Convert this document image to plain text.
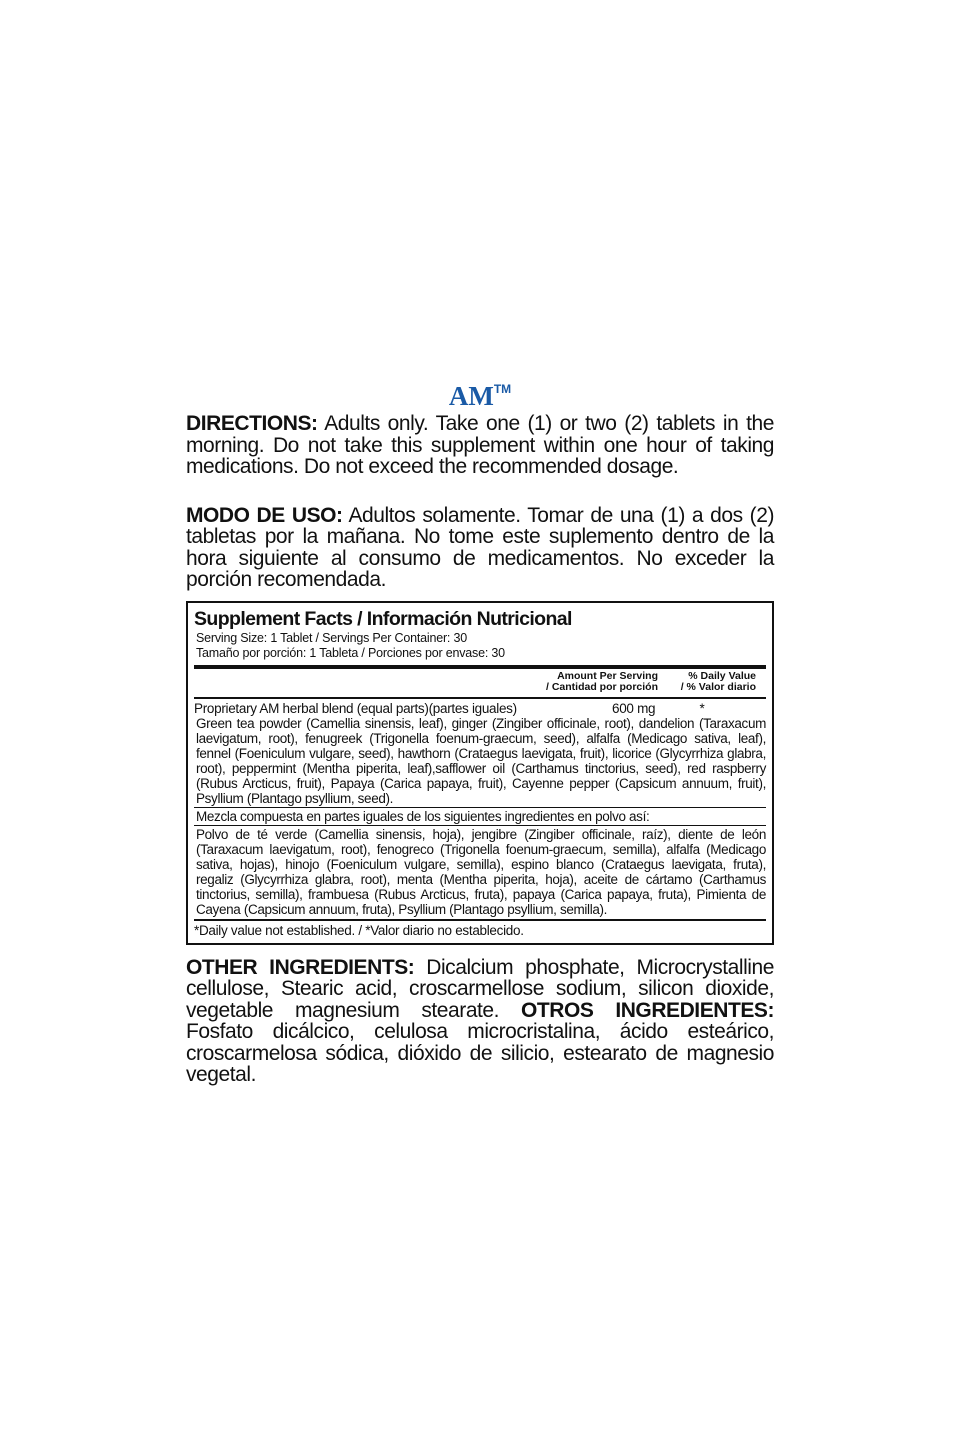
AM™

DIRECTIONS: Adults only. Take one (1) or two (2) tablets in the morning. Do not take this supplement within one hour of taking medications. Do not exceed the recommended dosage.

MODO DE USO: Adultos solamente. Tomar de una (1) a dos (2) tabletas por la mañana. No tome este suplemento dentro de la hora siguiente al consumo de medicamentos. No exceder la porción recomendada.

Supplement Facts / Información Nutricional

Serving Size: 1 Tablet / Servings Per Container: 30

Tamaño por porción: 1 Tableta / Porciones por envase: 30

Amount Per Serving
/ Cantidad por porción
% Daily Value
/ % Valor diario
Proprietary AM herbal blend (equal parts)(partes iguales)	600 mg	*

Green tea powder (Camellia sinensis, leaf), ginger (Zingiber officinale, root), dandelion (Taraxacum laevigatum, root), fenugreek (Trigonella foenum-graecum, seed), alfalfa (Medicago sativa, leaf), fennel (Foeniculum vulgare, seed), hawthorn (Crataegus laevigata, fruit), licorice (Glycyrrhiza glabra, root), peppermint (Mentha piperita, leaf),safflower oil (Carthamus tinctorius, seed), red raspberry (Rubus Arcticus, fruit), Papaya (Carica papaya, fruit), Cayenne pepper (Capsicum annuum, fruit), Psyllium (Plantago psyllium, seed).

Mezcla compuesta en partes iguales de los siguientes ingredientes en polvo así:

Polvo de té verde (Camellia sinensis, hoja), jengibre (Zingiber officinale, raíz), diente de león (Taraxacum laevigatum, root), fenogreco (Trigonella foenum-graecum, semilla), alfalfa (Medicago sativa, hojas), hinojo (Foeniculum vulgare, semilla), espino blanco (Crataegus laevigata, fruta), regaliz (Glycyrrhiza glabra, root), menta (Mentha piperita, hoja), aceite de cártamo (Carthamus tinctorius, semilla), frambuesa (Rubus Arcticus, fruta), papaya (Carica papaya, fruta), Pimienta de Cayena (Capsicum annuum, fruta), Psyllium (Plantago psyllium, semilla).

*Daily value not established. / *Valor diario no establecido.

OTHER INGREDIENTS: Dicalcium phosphate, Microcrystalline cellulose, Stearic acid, croscarmellose sodium, silicon dioxide, vegetable magnesium stearate. OTROS INGREDIENTES: Fosfato dicálcico, celulosa microcristalina, ácido esteárico, croscarmelosa sódica, dióxido de silicio, estearato de magnesio vegetal.
